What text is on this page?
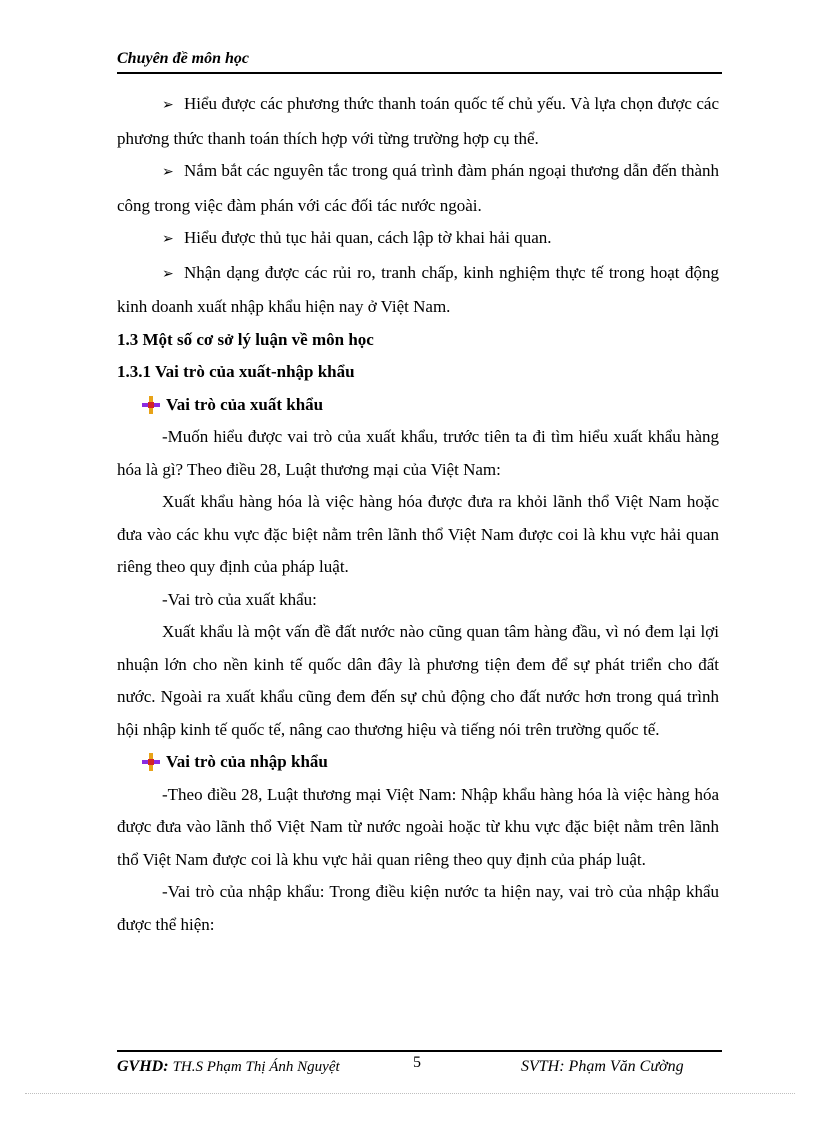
Chuyên đề môn học

➢ Hiểu được các phương thức thanh toán quốc tế chủ yếu. Và lựa chọn được các phương thức thanh toán thích hợp với từng trường hợp cụ thể.

➢ Nắm bắt các nguyên tắc trong quá trình đàm phán ngoại thương dẫn đến thành công trong việc đàm phán với các đối tác nước ngoài.

➢ Hiểu được thủ tục hải quan, cách lập tờ khai hải quan.

➢ Nhận dạng được các rủi ro, tranh chấp, kinh nghiệm thực tế trong hoạt động kinh doanh xuất nhập khẩu hiện nay ở Việt Nam.

1.3 Một số cơ sở lý luận về môn học

1.3.1 Vai trò của xuất-nhập khẩu

Vai trò của xuất khẩu

-Muốn hiểu được vai trò của xuất khẩu, trước tiên ta đi tìm hiểu xuất khẩu hàng hóa là gì? Theo điều 28, Luật thương mại của Việt Nam:

Xuất khẩu hàng hóa là việc hàng hóa được đưa ra khỏi lãnh thổ Việt Nam hoặc đưa vào các khu vực đặc biệt nằm trên lãnh thổ Việt Nam được coi là khu vực hải quan riêng theo quy định của pháp luật.

-Vai trò của xuất khẩu:

Xuất khẩu là một vấn đề đất nước nào cũng quan tâm hàng đầu, vì nó đem lại lợi nhuận lớn cho nền kinh tế quốc dân đây là phương tiện đem để sự phát triển cho đất nước. Ngoài ra xuất khẩu cũng đem đến sự chủ động cho đất nước hơn trong quá trình hội nhập kinh tế quốc tế, nâng cao thương hiệu và tiếng nói trên trường quốc tế.

Vai trò của nhập khẩu

-Theo điều 28, Luật thương mại Việt Nam: Nhập khẩu hàng hóa là việc hàng hóa được đưa vào lãnh thổ Việt Nam từ nước ngoài hoặc từ khu vực đặc biệt nằm trên lãnh thổ Việt Nam được coi là khu vực hải quan riêng theo quy định của pháp luật.

-Vai trò của nhập khẩu: Trong điều kiện nước ta hiện nay, vai trò của nhập khẩu được thể hiện:

GVHD: TH.S Phạm Thị Ánh Nguyệt	5	SVTH: Phạm Văn Cường
